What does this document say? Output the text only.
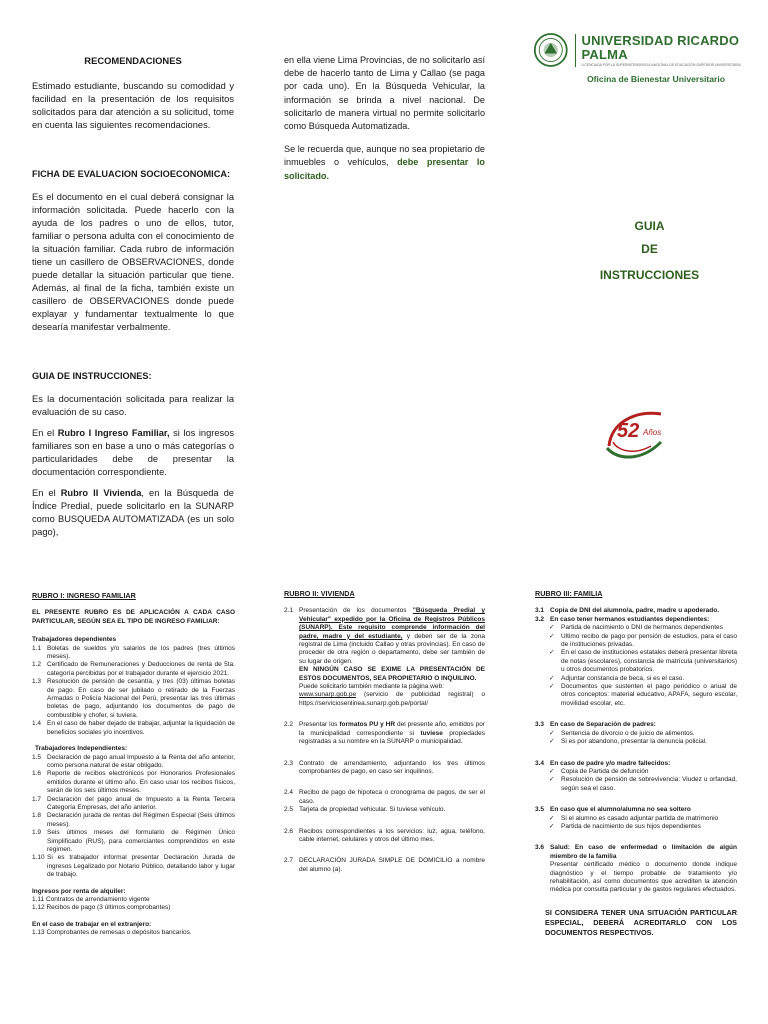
RECOMENDACIONES

Estimado estudiante, buscando su comodidad y facilidad en la presentación de los requisitos solicitados para dar atención a su solicitud, tome en cuenta las siguientes recomendaciones.

FICHA DE EVALUACION SOCIOECONOMICA:

Es el documento en el cual deberá consignar la información solicitada. Puede hacerlo con la ayuda de los padres o uno de ellos, tutor, familiar o persona adulta con el conocimiento de la situación familiar. Cada rubro de información tiene un casillero de OBSERVACIONES, donde puede detallar la situación particular que tiene. Además, al final de la ficha, también existe un casillero de OBSERVACIONES donde puede explayar y fundamentar textualmente lo que desearía manifestar verbalmente.

GUIA DE INSTRUCCIONES:

Es la documentación solicitada para realizar la evaluación de su caso.

En el Rubro I Ingreso Familiar, si los ingresos familiares son en base a uno o más categorías o particularidades debe de presentar la documentación correspondiente.

En el Rubro II Vivienda, en la Búsqueda de Índice Predial, puede solicitarlo en la SUNARP como BUSQUEDA AUTOMATIZADA (es un solo pago),

en ella viene Lima Provincias, de no solicitarlo así debe de hacerlo tanto de Lima y Callao (se paga por cada uno). En la Búsqueda Vehicular, la información se brinda a nivel nacional. De solicitarlo de manera virtual no permite solicitarlo como Búsqueda Automatizada.

Se le recuerda que, aunque no sea propietario de inmuebles o vehículos, debe presentar lo solicitado.

UNIVERSIDAD RICARDO PALMA
LICENCIADA POR LA SUPERINTENDENCIA NACIONAL DE EDUCACIÓN SUPERIOR UNIVERSITARIA
Oficina de Bienestar Universitario
GUIA
DE
INSTRUCCIONES
52 Años

RUBRO I: INGRESO FAMILIAR

EL PRESENTE RUBRO ES DE APLICACIÓN A CADA CASO PARTICULAR, SEGÚN SEA EL TIPO DE INGRESO FAMILIAR:

Trabajadores dependientes

1.1 Boletas de sueldos y/o salarios de los padres (tres últimos meses).
1.2 Certificado de Remuneraciones y Deducciones de renta de 5ta. categoría percibidas por el trabajador durante el ejercicio 2021.
1.3 Resolución de pensión de cesantía, y tres (03) últimas boletas de pago. En caso de ser jubilado o retirado de la Fuerzas Armadas o Policía Nacional del Perú, presentar las tres últimas boletas de pago, adjuntando los documentos de pago de combustible y chofer, si tuviera.
1.4 En el caso de haber dejado de trabajar, adjuntar la liquidación de beneficios sociales y/o incentivos.

Trabajadores Independientes:

1.5 Declaración de pago anual Impuesto a la Renta del año anterior, como persona natural de estar obligado.
1.6 Reporte de recibos electrónicos por Honorarios Profesionales emitidos durante el último año. En caso usar los recibos físicos, serán de los seis últimos meses.
1.7 Declaración del pago anual de Impuesto a la Renta Tercera Categoría Empresas, del año anterior.
1.8 Declaración jurada de rentas del Régimen Especial (Seis últimos meses).
1.9 Seis últimos meses del formulario de Régimen Único Simplificado (RUS), para comerciantes comprendidos en este régimen.
1.10 Si es trabajador informal presentar Declaración Jurada de ingresos Legalizado por Notario Público, detallando labor y lugar de trabajo.

Ingresos por renta de alquiler:

1.11 Contratos de arrendamiento vigente

1.12 Recibos de pago (3 últimos comprobantes)

En el caso de trabajar en el extranjero:

1.13 Comprobantes de remesas o depósitos bancarios.

RUBRO II: VIVIENDA

2.1 Presentación de los documentos "Búsqueda Predial y Vehicular" expedido por la Oficina de Registros Públicos (SUNARP). Este requisito comprende información del padre, madre y del estudiante, y deben ser de la zona registral de Lima (incluido Callao y otras provincias). En caso de proceder de otra región o departamento, debe ser también de su lugar de origen.
EN NINGÚN CASO SE EXIME LA PRESENTACIÓN DE ESTOS DOCUMENTOS, SEA PROPIETARIO O INQUILINO.
Puede solicitarlo también mediante la página web:
www.sunarp.gob.pe (servicio de publicidad registral) o https://serviciosenlinea.sunarp.gob.pe/portal/
2.2 Presentar los formatos PU y HR del presente año, emitidos por la municipalidad correspondiente si tuviese propiedades registradas a su nombre en la SUNARP o municipalidad.
2.3 Contrato de arrendamiento, adjuntando los tres últimos comprobantes de pago, en caso ser inquilinos.
2.4 Recibo de pago de hipoteca o cronograma de pagos, de ser el caso.
2.5 Tarjeta de propiedad vehicular. Si tuviese vehículo.
2.6 Recibos correspondientes a los servicios: luz, agua, teléfono, cable internet, celulares y otros del último mes.
2.7 DECLARACIÓN JURADA SIMPLE DE DOMICILIO a nombre del alumno (a).

RUBRO III: FAMILIA

3.1 Copia de DNI del alumno/a, padre, madre u apoderado.
3.2 En caso tener hermanos estudiantes dependientes:
✓	Partida de nacimiento o DNI de hermanos dependientes
✓	Ultimo recibo de pago por pensión de estudios, para el caso de instituciones privadas.
✓	En el caso de instituciones estatales deberá presentar libreta de notas (escolares), constancia de matrícula (universitarios) u otros documentos probatorios.
✓	Adjuntar constancia de beca, si es el caso.
✓	Documentos que sustenten el pago periódico o anual de otros conceptos: material educativo, APAFA, seguro escolar, movilidad escolar, etc.
3.3 En caso de Separación de padres:
✓	Sentencia de divorcio o de juicio de alimentos.
✓	Si es por abandono, presentar la denuncia policial.
3.4 En caso de padre y/o madre fallecidos:
✓	Copia de Partida de defunción
✓	Resolución de pensión de sobrevivencia: Viudez u orfandad, según sea el caso.
3.5 En caso que el alumno/alumna no sea soltero
✓	Si el alumno es casado adjuntar partida de matrimonio
✓	Partida de nacimiento de sus hijos dependientes
3.6 Salud: En caso de enfermedad o limitación de algún miembro de la familia

Presentar certificado médico o documento donde indique diagnóstico y el tiempo probable de tratamiento y/o rehabilitación, así como documentos que acrediten la atención médica por consulta particular y de gastos regulares efectuados.

SI CONSIDERA TENER UNA SITUACIÓN PARTICULAR ESPECIAL, DEBERÁ ACREDITARLO CON LOS DOCUMENTOS RESPECTIVOS.
